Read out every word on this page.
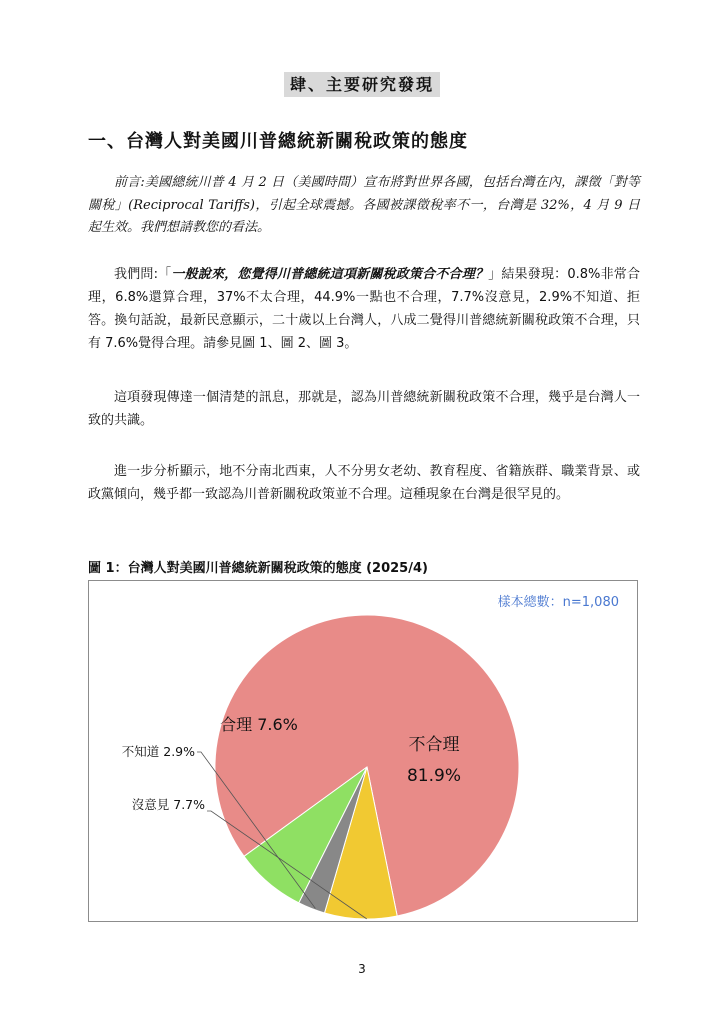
肆、主要研究發現
一、台灣人對美國川普總統新關稅政策的態度
前言:美國總統川普 4 月 2 日（美國時間）宣布將對世界各國，包括台灣在內，課徵「對等關稅」(Reciprocal Tariffs)，引起全球震撼。各國被課徵稅率不一，台灣是 32%，4 月 9 日起生效。我們想請教您的看法。
我們問:「一般說來，您覺得川普總統這項新關稅政策合不合理？」結果發現：0.8%非常合理，6.8%還算合理，37%不太合理，44.9%一點也不合理，7.7%沒意見，2.9%不知道、拒答。換句話說，最新民意顯示，二十歲以上台灣人，八成二覺得川普總統新關稅政策不合理，只有 7.6%覺得合理。請參見圖 1、圖 2、圖 3。
這項發現傳達一個清楚的訊息，那就是，認為川普總統新關稅政策不合理，幾乎是台灣人一致的共識。
進一步分析顯示，地不分南北西東，人不分男女老幼、教育程度、省籍族群、職業背景、或政黨傾向，幾乎都一致認為川普新關稅政策並不合理。這種現象在台灣是很罕見的。
圖 1：台灣人對美國川普總統新關稅政策的態度 (2025/4)
不合理
81.9%
沒意見 7.7%
不知道 2.9%
合理 7.6%
樣本總數：n=1,080
3
